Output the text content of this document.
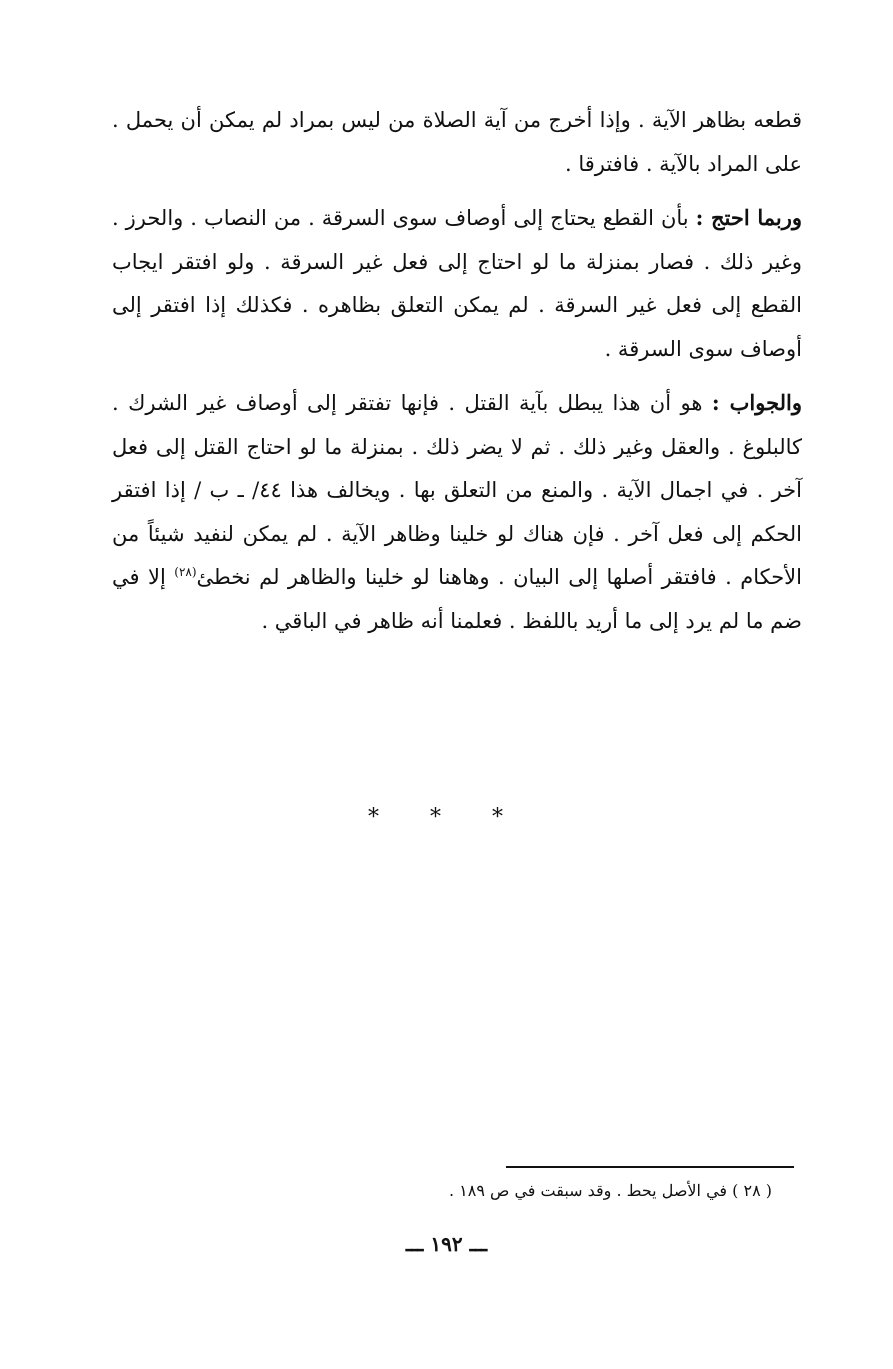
قطعه بظاهر الآية . وإذا أخرج من آية الصلاة من ليس بمراد لم يمكن أن يحمل . على المراد بالآية . فافترقا .

وربما احتج : بأن القطع يحتاج إلى أوصاف سوى السرقة . من النصاب . والحرز . وغير ذلك . فصار بمنزلة ما لو احتاج إلى فعل غير السرقة . ولو افتقر ايجاب القطع إلى فعل غير السرقة . لم يمكن التعلق بظاهره . فكذلك إذا افتقر إلى أوصاف سوى السرقة .

والجواب : هو أن هذا يبطل بآية القتل . فإنها تفتقر إلى أوصاف غير الشرك . كالبلوغ . والعقل وغير ذلك . ثم لا يضر ذلك . بمنزلة ما لو احتاج القتل إلى فعل آخر . في اجمال الآية . والمنع من التعلق بها . ويخالف هذا ٤٤/ ـ ب / إذا افتقر الحكم إلى فعل آخر . فإن هناك لو خلينا وظاهر الآية . لم يمكن لنفيد شيئاً من الأحكام . فافتقر أصلها إلى البيان . وهاهنا لو خلينا والظاهر لم نخطئ$^{(٢٨)}$ إلا في ضم ما لم يرد إلى ما أريد باللفظ . فعلمنا أنه ظاهر في الباقي .

* * *
( ٢٨ ) في الأصل يحط . وقد سبقت في ص ١٨٩ .
ـــ ١٩٢ ـــ
